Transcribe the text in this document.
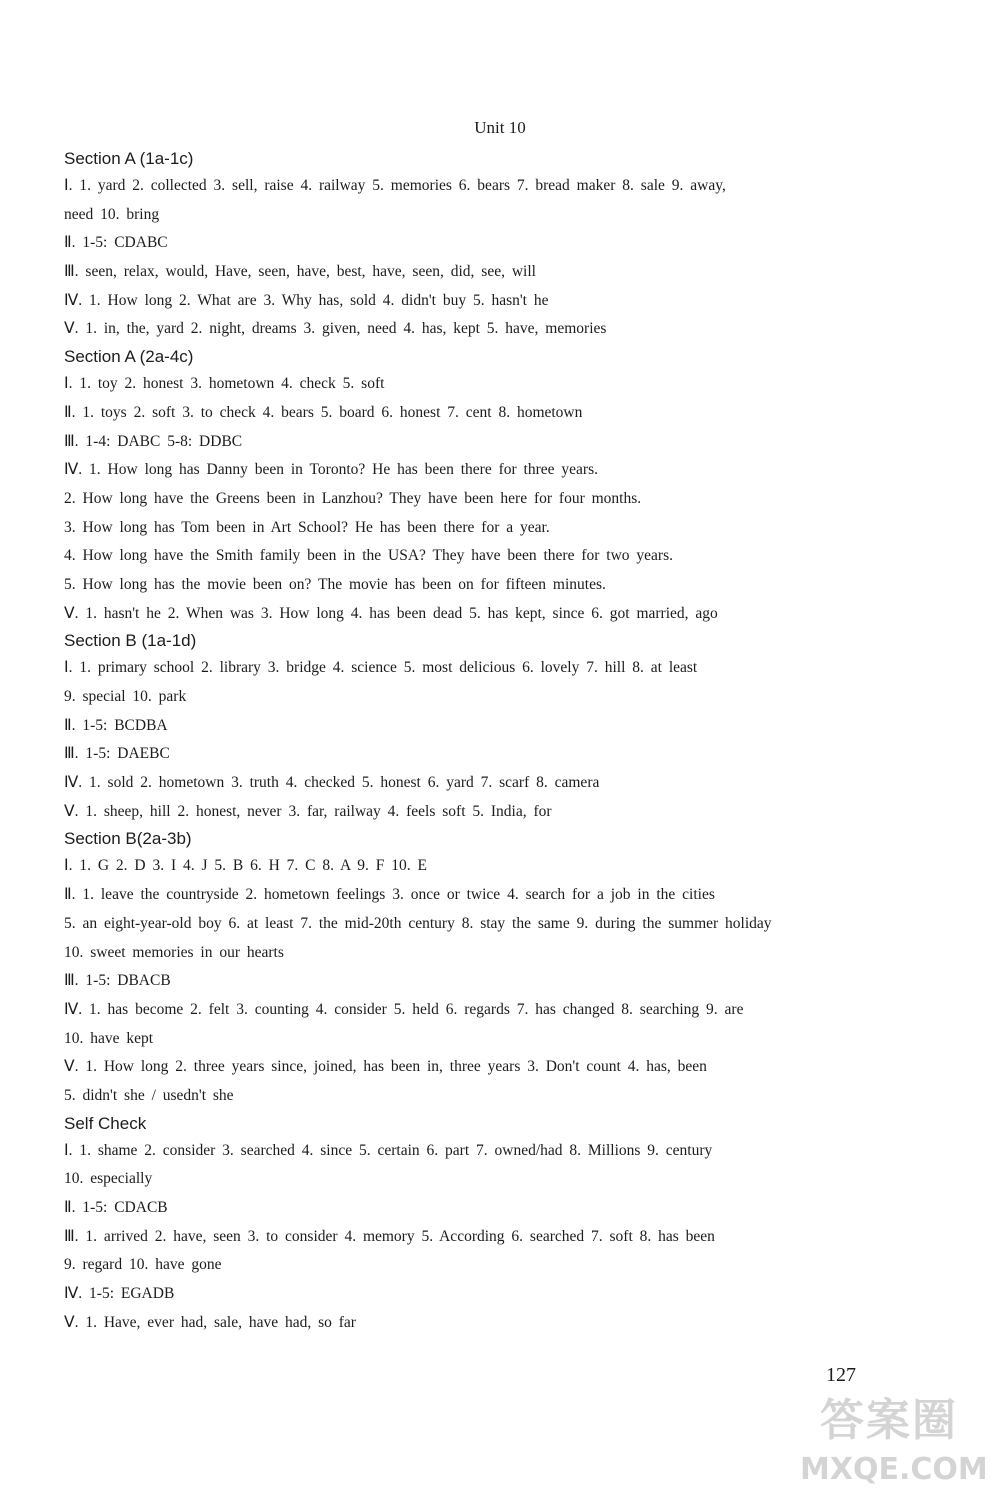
Unit 10
Section A (1a-1c)
Ⅰ. 1. yard 2. collected 3. sell, raise 4. railway 5. memories 6. bears 7. bread maker 8. sale 9. away,
need 10. bring
Ⅱ. 1-5: CDABC
Ⅲ. seen, relax, would, Have, seen, have, best, have, seen, did, see, will
Ⅳ. 1. How long 2. What are 3. Why has, sold 4. didn't buy 5. hasn't he
Ⅴ. 1. in, the, yard 2. night, dreams 3. given, need 4. has, kept 5. have, memories
Section A (2a-4c)
Ⅰ. 1. toy 2. honest 3. hometown 4. check 5. soft
Ⅱ. 1. toys 2. soft 3. to check 4. bears 5. board 6. honest 7. cent 8. hometown
Ⅲ. 1-4: DABC 5-8: DDBC
Ⅳ. 1. How long has Danny been in Toronto? He has been there for three years.
2. How long have the Greens been in Lanzhou? They have been here for four months.
3. How long has Tom been in Art School? He has been there for a year.
4. How long have the Smith family been in the USA? They have been there for two years.
5. How long has the movie been on? The movie has been on for fifteen minutes.
Ⅴ. 1. hasn't he 2. When was 3. How long 4. has been dead 5. has kept, since 6. got married, ago
Section B (1a-1d)
Ⅰ. 1. primary school 2. library 3. bridge 4. science 5. most delicious 6. lovely 7. hill 8. at least
9. special 10. park
Ⅱ. 1-5: BCDBA
Ⅲ. 1-5: DAEBC
Ⅳ. 1. sold 2. hometown 3. truth 4. checked 5. honest 6. yard 7. scarf 8. camera
Ⅴ. 1. sheep, hill 2. honest, never 3. far, railway 4. feels soft 5. India, for
Section B(2a-3b)
Ⅰ. 1. G 2. D 3. I 4. J 5. B 6. H 7. C 8. A 9. F 10. E
Ⅱ. 1. leave the countryside 2. hometown feelings 3. once or twice 4. search for a job in the cities
5. an eight-year-old boy 6. at least 7. the mid-20th century 8. stay the same 9. during the summer holiday
10. sweet memories in our hearts
Ⅲ. 1-5: DBACB
Ⅳ. 1. has become 2. felt 3. counting 4. consider 5. held 6. regards 7. has changed 8. searching 9. are
10. have kept
Ⅴ. 1. How long 2. three years since, joined, has been in, three years 3. Don't count 4. has, been
5. didn't she / usedn't she
Self Check
Ⅰ. 1. shame 2. consider 3. searched 4. since 5. certain 6. part 7. owned/had 8. Millions 9. century
10. especially
Ⅱ. 1-5: CDACB
Ⅲ. 1. arrived 2. have, seen 3. to consider 4. memory 5. According 6. searched 7. soft 8. has been
9. regard 10. have gone
Ⅳ. 1-5: EGADB
Ⅴ. 1. Have, ever had, sale, have had, so far
127
答案圈
MXQE.COM
